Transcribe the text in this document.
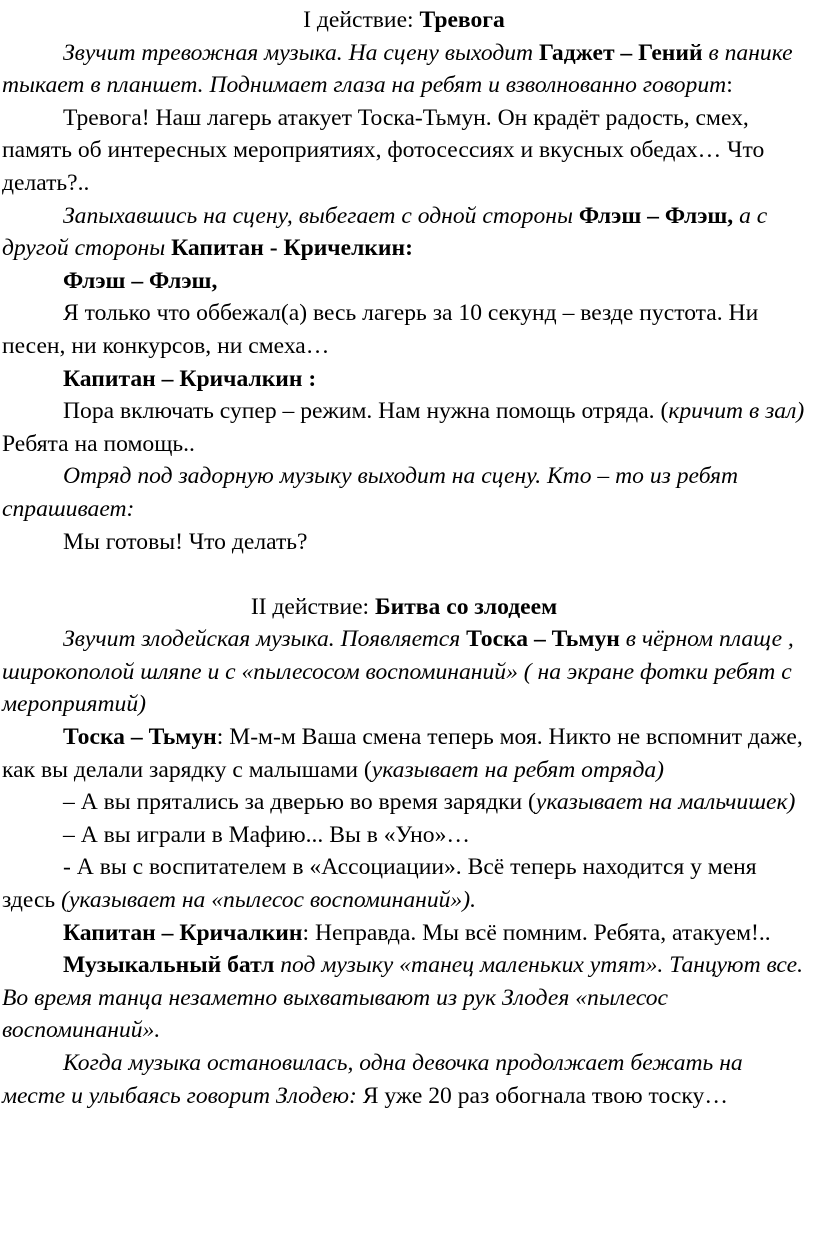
I действие: Тревога

Звучит тревожная музыка. На сцену выходит Гаджет – Гений в панике тыкает в планшет. Поднимает глаза на ребят и взволнованно говорит:

Тревога! Наш лагерь атакует Тоска-Тьмун. Он крадёт радость, смех, память об интересных мероприятиях, фотосессиях и вкусных обедах… Что делать?..

Запыхавшись на сцену, выбегает с одной стороны Флэш – Флэш, а с другой стороны Капитан - Кричелкин:

Флэш – Флэш,

Я только что оббежал(а) весь лагерь за 10 секунд – везде пустота. Ни песен, ни конкурсов, ни смеха…

Капитан – Кричалкин :

Пора включать супер – режим. Нам нужна помощь отряда. (кричит в зал) Ребята на помощь..

Отряд под задорную музыку выходит на сцену. Кто – то из ребят спрашивает:

Мы готовы! Что делать?

II действие: Битва со злодеем

Звучит злодейская музыка. Появляется Тоска – Тьмун в чёрном плаще , широкополой шляпе и с «пылесосом воспоминаний» ( на экране фотки ребят с мероприятий)

Тоска – Тьмун: М-м-м Ваша смена теперь моя. Никто не вспомнит даже, как вы делали зарядку с малышами (указывает на ребят отряда)

– А вы прятались за дверью во время зарядки (указывает на мальчишек)

– А вы играли в Мафию... Вы в «Уно»…

- А вы с воспитателем в «Ассоциации». Всё теперь находится у меня здесь (указывает на «пылесос воспоминаний»).

Капитан – Кричалкин: Неправда. Мы всё помним. Ребята, атакуем!..

Музыкальный батл под музыку «танец маленьких утят». Танцуют все. Во время танца незаметно выхватывают из рук Злодея «пылесос воспоминаний».

Когда музыка остановилась, одна девочка продолжает бежать на месте и улыбаясь говорит Злодею: Я уже 20 раз обогнала твою тоску…
